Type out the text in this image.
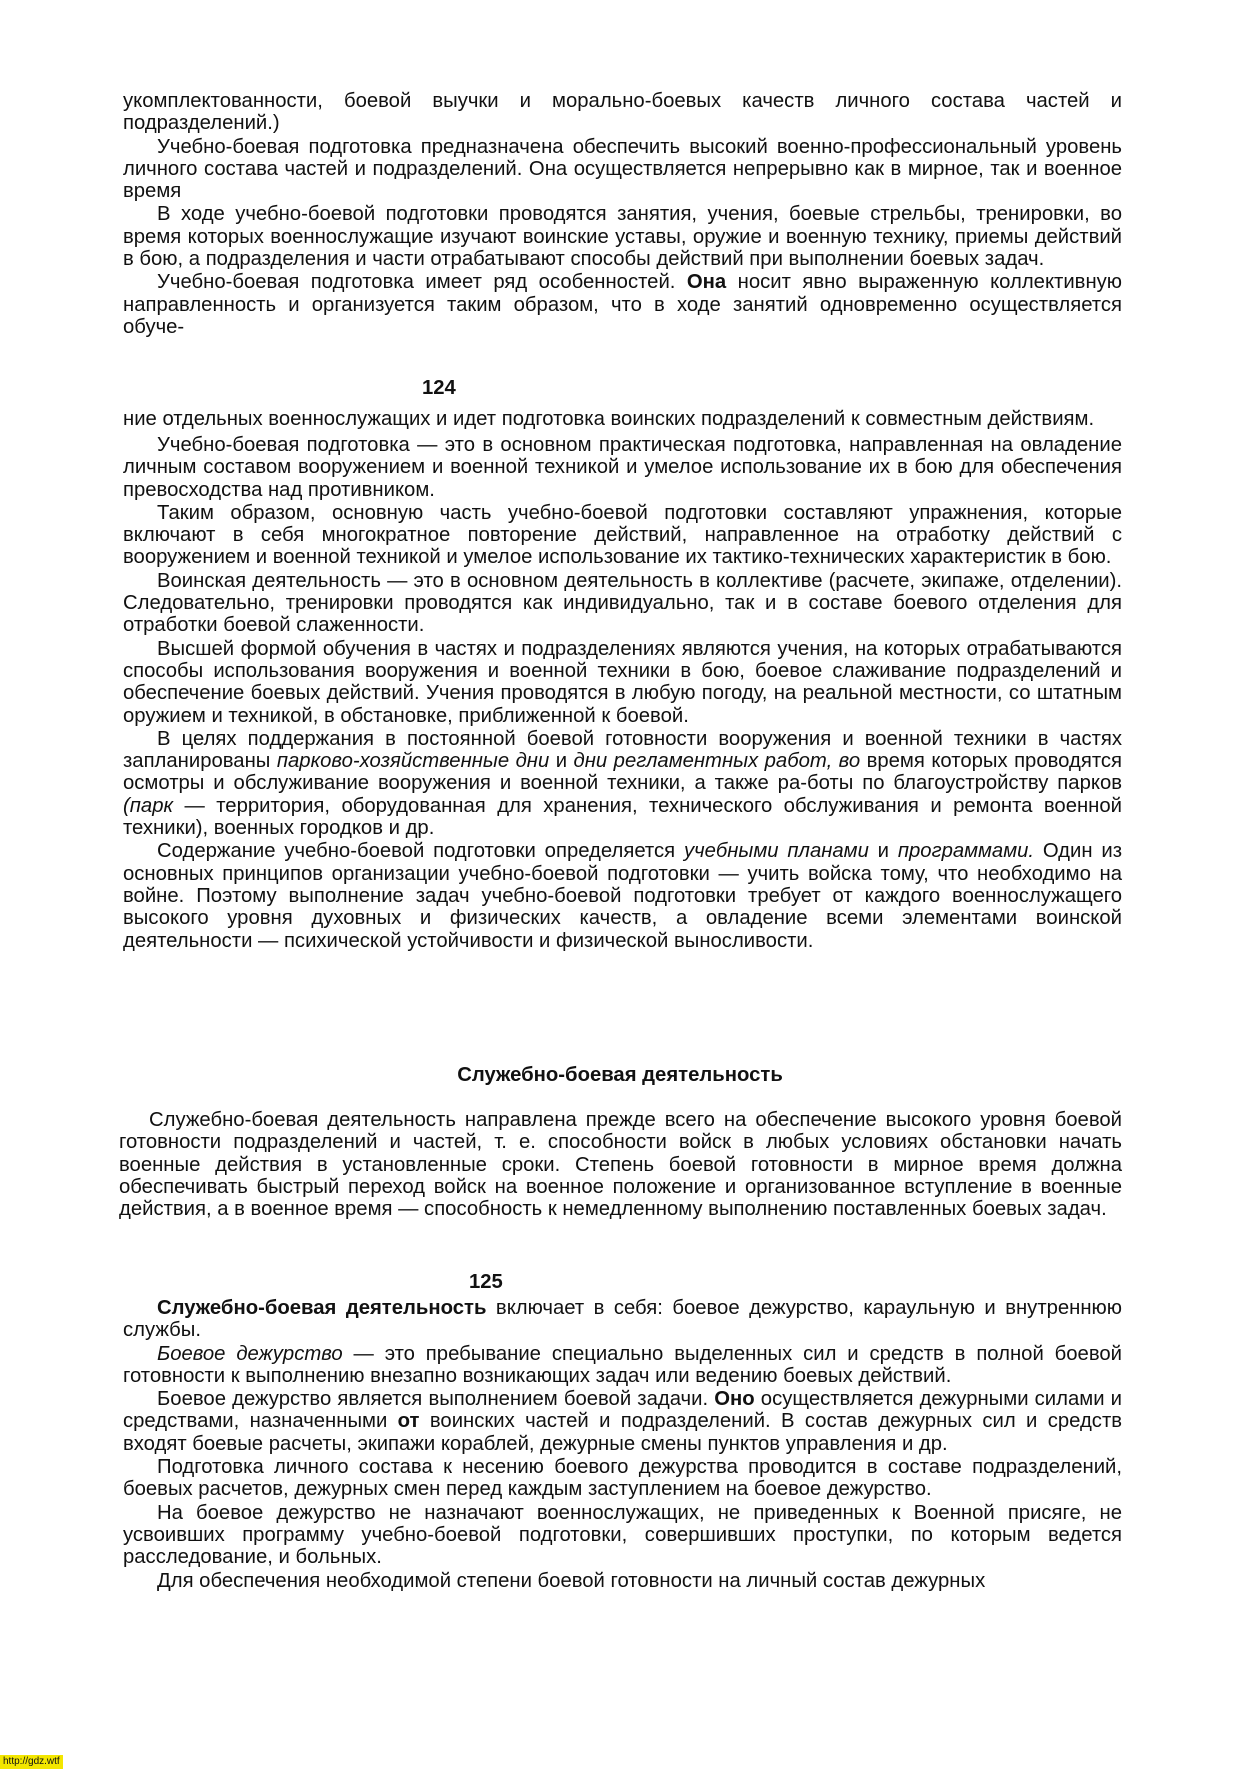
укомплектованности, боевой выучки и морально-боевых качеств личного состава частей и подразделений.)

Учебно-боевая подготовка предназначена обеспечить высокий военно-профессиональный уровень личного состава частей и подразделений. Она осуществляется непрерывно как в мирное, так и военное время

В ходе учебно-боевой подготовки проводятся занятия, учения, боевые стрельбы, тренировки, во время которых военнослужащие изучают воинские уставы, оружие и военную технику, приемы действий в бою, а подразделения и части отрабатывают способы действий при выполнении боевых задач.

Учебно-боевая подготовка имеет ряд особенностей. Она носит явно выраженную коллективную направленность и организуется таким образом, что в ходе занятий одновременно осуществляется обуче-

124

ние отдельных военнослужащих и идет подготовка воинских подразделений к совместным действиям.

Учебно-боевая подготовка — это в основном практическая подготовка, направленная на овладение личным составом вооружением и военной техникой и умелое использование их в бою для обеспечения превосходства над противником.

Таким образом, основную часть учебно-боевой подготовки составляют упражнения, которые включают в себя многократное повторение действий, направленное на отработку действий с вооружением и военной техникой и умелое использование их тактико-технических характеристик в бою.

Воинская деятельность — это в основном деятельность в коллективе (расчете, экипаже, отделении). Следовательно, тренировки проводятся как индивидуально, так и в составе боевого отделения для отработки боевой слаженности.

Высшей формой обучения в частях и подразделениях являются учения, на которых отрабатываются способы использования вооружения и военной техники в бою, боевое слаживание подразделений и обеспечение боевых действий. Учения проводятся в любую погоду, на реальной местности, со штатным оружием и техникой, в обстановке, приближенной к боевой.

В целях поддержания в постоянной боевой готовности вооружения и военной техники в частях запланированы парково-хозяйственные дни и дни регламентных работ, во время которых проводятся осмотры и обслуживание вооружения и военной техники, а также ра-боты по благоустройству парков (парк — территория, оборудованная для хранения, технического обслуживания и ремонта военной техники), военных городков и др.

Содержание учебно-боевой подготовки определяется учебными планами и программами. Один из основных принципов организации учебно-боевой подготовки — учить войска тому, что необходимо на войне. Поэтому выполнение задач учебно-боевой подготовки требует от каждого военнослужащего высокого уровня духовных и физических качеств, а овладение всеми элементами воинской деятельности — психической устойчивости и физической выносливости.

Служебно-боевая деятельность

Служебно-боевая деятельность направлена прежде всего на обеспечение высокого уровня боевой готовности подразделений и частей, т. е. способности войск в любых условиях обстановки начать военные действия в установленные сроки. Степень боевой готовности в мирное время должна обеспечивать быстрый переход войск на военное положение и организованное вступление в военные действия, а в военное время — способность к немедленному выполнению поставленных боевых задач.

125

Служебно-боевая деятельность включает в себя: боевое дежурство, караульную и внутреннюю службы.

Боевое дежурство — это пребывание специально выделенных сил и средств в полной боевой готовности к выполнению внезапно возникающих задач или ведению боевых действий.

Боевое дежурство является выполнением боевой задачи. Оно осуществляется дежурными силами и средствами, назначенными от воинских частей и подразделений. В состав дежурных сил и средств входят боевые расчеты, экипажи кораблей, дежурные смены пунктов управления и др.

Подготовка личного состава к несению боевого дежурства проводится в составе подразделений, боевых расчетов, дежурных смен перед каждым заступлением на боевое дежурство.

На боевое дежурство не назначают военнослужащих, не приведенных к Военной присяге, не усвоивших программу учебно-боевой подготовки, совершивших проступки, по которым ведется расследование, и больных.

Для обеспечения необходимой степени боевой готовности на личный состав дежурных

http://gdz.wtf
